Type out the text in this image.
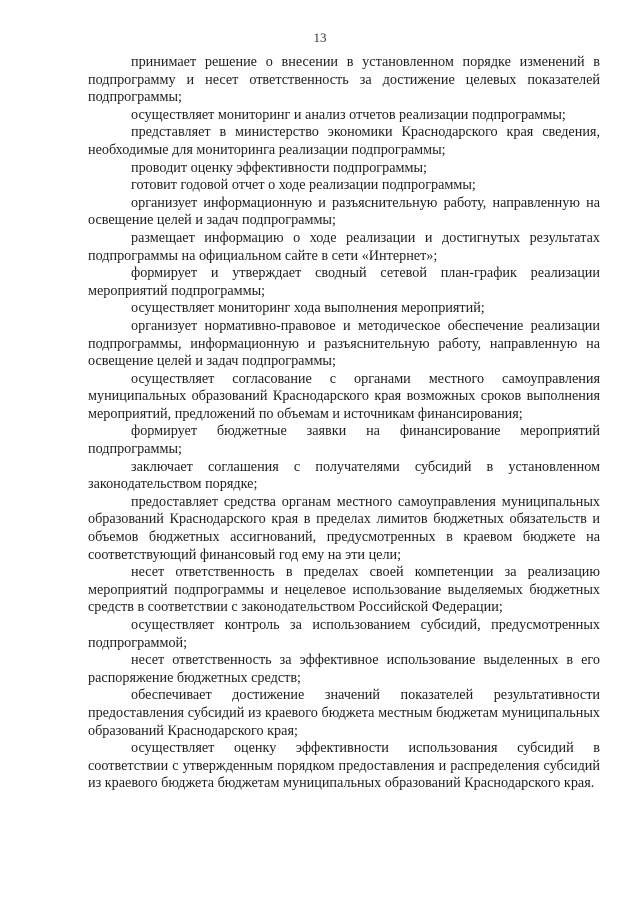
13

принимает решение о внесении в установленном порядке изменений в подпрограмму и несет ответственность за достижение целевых показателей подпрограммы;

осуществляет мониторинг и анализ отчетов реализации подпрограммы;

представляет в министерство экономики Краснодарского края сведения, необходимые для мониторинга реализации подпрограммы;

проводит оценку эффективности подпрограммы;

готовит годовой отчет о ходе реализации подпрограммы;

организует информационную и разъяснительную работу, направленную на освещение целей и задач подпрограммы;

размещает информацию о ходе реализации и достигнутых результатах подпрограммы на официальном сайте в сети «Интернет»;

формирует и утверждает сводный сетевой план-график реализации мероприятий подпрограммы;

осуществляет мониторинг хода выполнения мероприятий;

организует нормативно-правовое и методическое обеспечение реализации подпрограммы, информационную и разъяснительную работу, направленную на освещение целей и задач подпрограммы;

осуществляет согласование с органами местного самоуправления муниципальных образований Краснодарского края возможных сроков выполнения мероприятий, предложений по объемам и источникам финансирования;

формирует бюджетные заявки на финансирование мероприятий подпрограммы;

заключает соглашения с получателями субсидий в установленном законодательством порядке;

предоставляет средства органам местного самоуправления муниципальных образований Краснодарского края в пределах лимитов бюджетных обязательств и объемов бюджетных ассигнований, предусмотренных в краевом бюджете на соответствующий финансовый год ему на эти цели;

несет ответственность в пределах своей компетенции за реализацию мероприятий подпрограммы и нецелевое использование выделяемых бюджетных средств в соответствии с законодательством Российской Федерации;

осуществляет контроль за использованием субсидий, предусмотренных подпрограммой;

несет ответственность за эффективное использование выделенных в его распоряжение бюджетных средств;

обеспечивает достижение значений показателей результативности предоставления субсидий из краевого бюджета местным бюджетам муниципальных образований Краснодарского края;

осуществляет оценку эффективности использования субсидий в соответствии с утвержденным порядком предоставления и распределения субсидий из краевого бюджета бюджетам муниципальных образований Краснодарского края.
